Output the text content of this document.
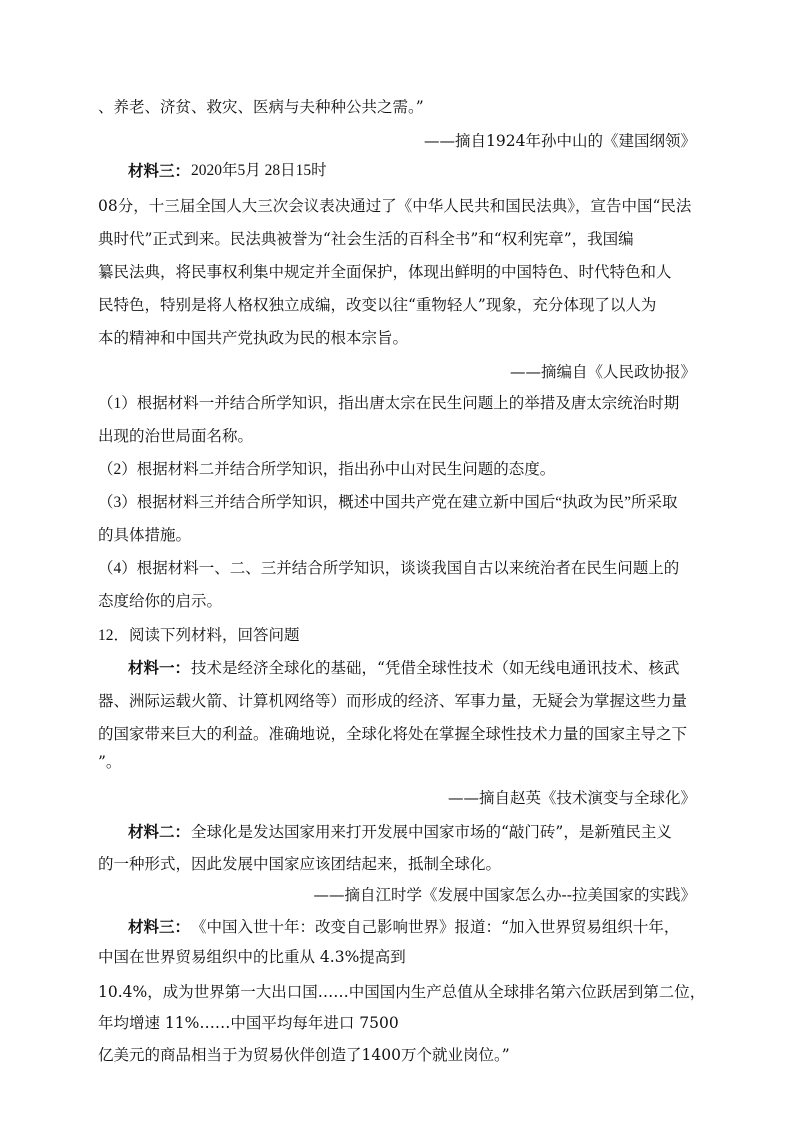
、养老、济贫、救灾、医病与夫种种公共之需。”

——摘自1924年孙中山的《建国纲领》

材料三： 2020年5月 28日15时

08分，十三届全国人大三次会议表决通过了《中华人民共和国民法典》，宣告中国“民法

典时代”正式到来。民法典被誉为“社会生活的百科全书”和“权利宪章”，我国编

纂民法典，将民事权利集中规定并全面保护，体现出鲜明的中国特色、时代特色和人

民特色，特别是将人格权独立成编，改变以往“重物轻人”现象，充分体现了以人为

本的精神和中国共产党执政为民的根本宗旨。

——摘编自《人民政协报》

（1）根据材料一并结合所学知识，指出唐太宗在民生问题上的举措及唐太宗统治时期

出现的治世局面名称。

（2）根据材料二并结合所学知识，指出孙中山对民生问题的态度。

（3）根据材料三并结合所学知识，概述中国共产党在建立新中国后“执政为民”所采取

的具体措施。

（4）根据材料一、二、三并结合所学知识，谈谈我国自古以来统治者在民生问题上的

态度给你的启示。

12．阅读下列材料，回答问题

材料一： 技术是经济全球化的基础，“凭借全球性技术（如无线电通讯技术、核武

器、洲际运载火箭、计算机网络等）而形成的经济、军事力量，无疑会为掌握这些力量

的国家带来巨大的利益。准确地说，全球化将处在掌握全球性技术力量的国家主导之下

”。

——摘自赵英《技术演变与全球化》

材料二： 全球化是发达国家用来打开发展中国家市场的“敲门砖”，是新殖民主义

的一种形式，因此发展中国家应该团结起来，抵制全球化。

——摘自江时学《发展中国家怎么办--拉美国家的实践》

材料三： 《中国入世十年：改变自己影响世界》报道：“加入世界贸易组织十年，

中国在世界贸易组织中的比重从 4.3%提高到

10.4%，成为世界第一大出口国……中国国内生产总值从全球排名第六位跃居到第二位，

年均增速 11%……中国平均每年进口 7500

亿美元的商品相当于为贸易伙伴创造了1400万个就业岗位。”
